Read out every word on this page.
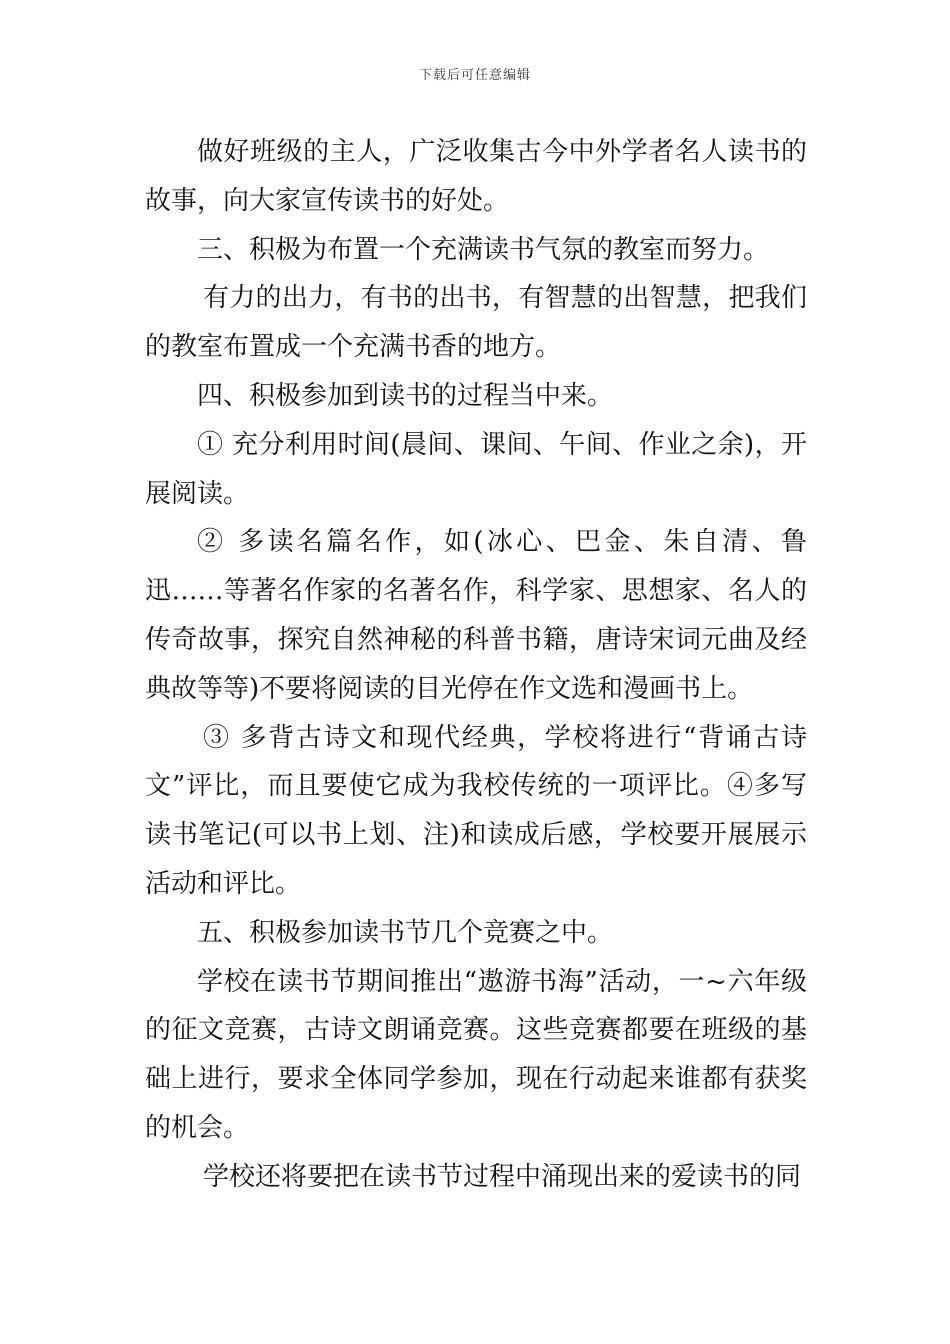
下载后可任意编辑

做好班级的主人，广泛收集古今中外学者名人读书的故事，向大家宣传读书的好处。

三、积极为布置一个充满读书气氛的教室而努力。

有力的出力，有书的出书，有智慧的出智慧，把我们的教室布置成一个充满书香的地方。

四、积极参加到读书的过程当中来。

① 充分利用时间(晨间、课间、午间、作业之余)，开展阅读。

② 多读名篇名作，如(冰心、巴金、朱自清、鲁迅……等著名作家的名著名作，科学家、思想家、名人的传奇故事，探究自然神秘的科普书籍，唐诗宋词元曲及经典故等等)不要将阅读的目光停在作文选和漫画书上。

③ 多背古诗文和现代经典，学校将进行“背诵古诗文”评比，而且要使它成为我校传统的一项评比。④多写读书笔记(可以书上划、注)和读成后感，学校要开展展示活动和评比。

五、积极参加读书节几个竞赛之中。

学校在读书节期间推出“遨游书海”活动，一~六年级的征文竞赛，古诗文朗诵竞赛。这些竞赛都要在班级的基础上进行，要求全体同学参加，现在行动起来谁都有获奖的机会。

学校还将要把在读书节过程中涌现出来的爱读书的同
